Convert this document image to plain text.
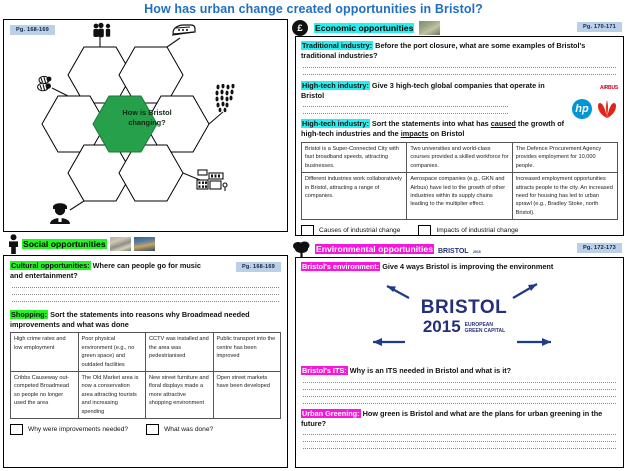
How has urban change created opportunities in Bristol?
How is Bristol changing?
Pg. 168-169
Social opportunities
Pg. 168-169
Cultural opportunities: Where can people go for music and entertainment?
Shopping: Sort the statements into reasons why Broadmead needed improvements and what was done
High crime rates and low employment	Poor physical environment (e.g., no green space) and outdated facilities	CCTV was installed and the area was pedestrianised	Public transport into the centre has been improved
Cribbs Causeway out-competed Broadmead so people no longer used the area	The Old Market area is now a conservation area attracting tourists and increasing spending	New street furniture and floral displays made a more attractive shopping environment	Open street markets have been developed
Why were improvements needed?	What was done?
£	Economic opportunities	Pg. 170-171
Traditional industry: Before the port closure, what are some examples of Bristol's traditional industries?
High-tech industry: Give 3 high-tech global companies that operate in Bristol
AIRBUS
hp
High-tech industry: Sort the statements into what has caused the growth of high-tech industries and the impacts on Bristol
Bristol is a Super-Connected City with fast broadband speeds, attracting businesses.	Two universities and world-class courses provided a skilled workforce for companies.	The Defence Procurement Agency provides employment for 10,000 people.
Different industries work collaboratively in Bristol, attracting a range of companies.	Aerospace companies (e.g., GKN and Airbus) have led to the growth of other industries within its supply chains leading to the multiplier effect.	Increased employment opportunities attracts people to the city. An increased need for housing has led to urban sprawl (e.g., Bradley Stoke, north Bristol).
Causes of industrial change	Impacts of industrial change
Environmental opportunities BRISTOL 2015
Pg. 172-173
Bristol's environment: Give 4 ways Bristol is improving the environment
BRISTOL
2015 EUROPEAN
GREEN CAPITAL
Bristol's ITS: Why is an ITS needed in Bristol and what is it?
Urban Greening: How green is Bristol and what are the plans for urban greening in the future?
